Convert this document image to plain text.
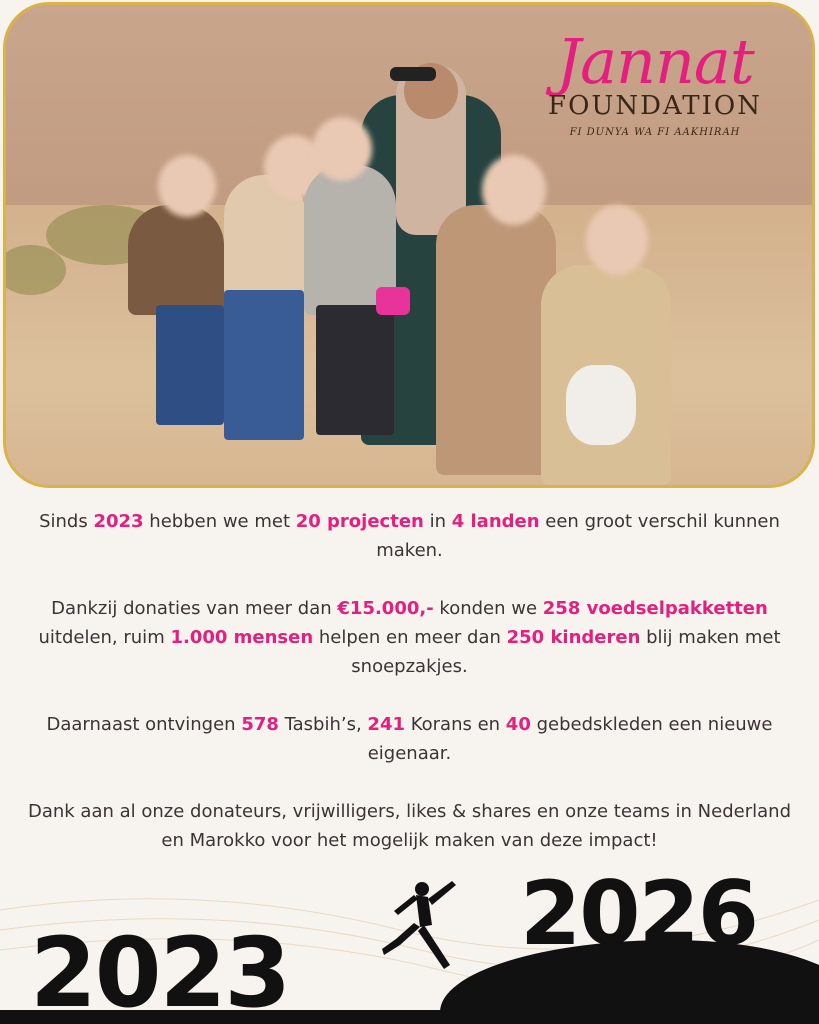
Jannat
FOUNDATION
FI DUNYA WA FI AAKHIRAH

Sinds 2023 hebben we met 20 projecten in 4 landen een groot verschil kunnen maken.

Dankzij donaties van meer dan €15.000,- konden we 258 voedselpakketten uitdelen, ruim 1.000 mensen helpen en meer dan 250 kinderen blij maken met snoepzakjes.

Daarnaast ontvingen 578 Tasbih’s, 241 Korans en 40 gebedskleden een nieuwe eigenaar.

Dank aan al onze donateurs, vrijwilligers, likes & shares en onze teams in Nederland en Marokko voor het mogelijk maken van deze impact!

2023
2026
